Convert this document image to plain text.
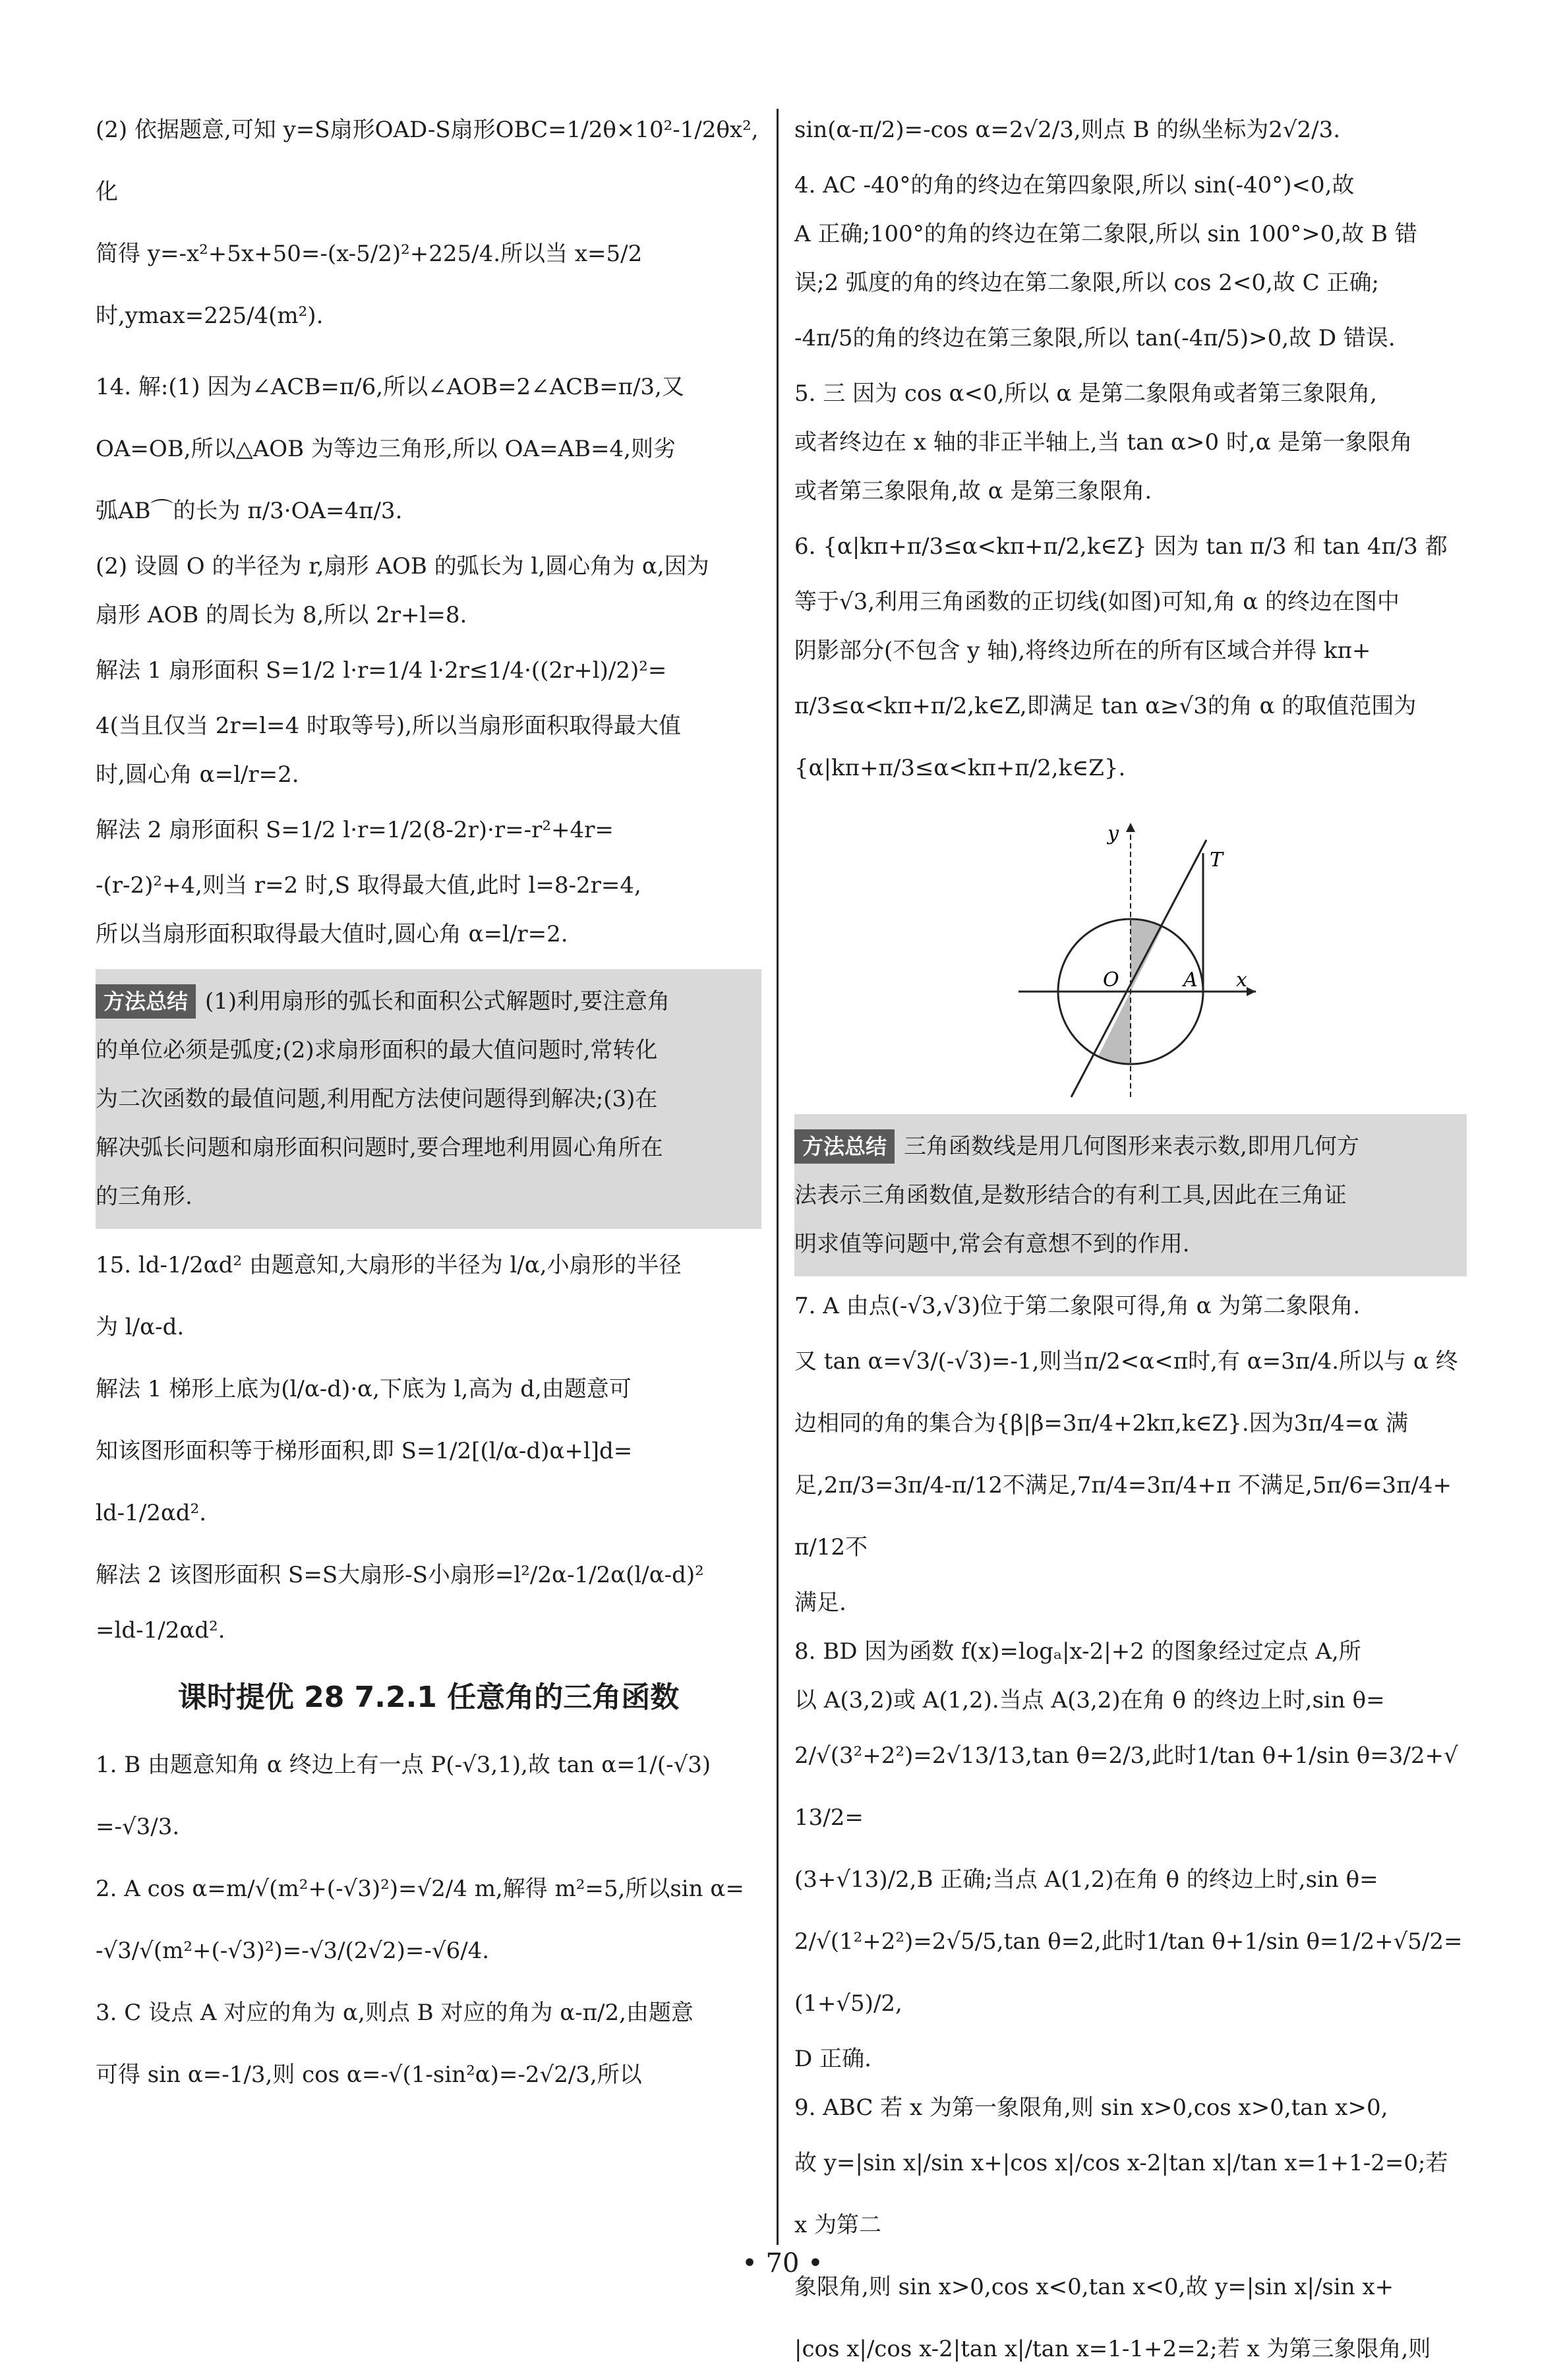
(2) 依据题意,可知 y=S扇形OAD-S扇形OBC=1/2θ×10²-1/2θx²,化

简得 y=-x²+5x+50=-(x-5/2)²+225/4.所以当 x=5/2

时,ymax=225/4(m²).

14. 解:(1) 因为∠ACB=π/6,所以∠AOB=2∠ACB=π/3,又

OA=OB,所以△AOB 为等边三角形,所以 OA=AB=4,则劣

弧AB⌒的长为 π/3·OA=4π/3.

(2) 设圆 O 的半径为 r,扇形 AOB 的弧长为 l,圆心角为 α,因为

扇形 AOB 的周长为 8,所以 2r+l=8.

解法 1 扇形面积 S=1/2 l·r=1/4 l·2r≤1/4·((2r+l)/2)²=

4(当且仅当 2r=l=4 时取等号),所以当扇形面积取得最大值

时,圆心角 α=l/r=2.

解法 2 扇形面积 S=1/2 l·r=1/2(8-2r)·r=-r²+4r=

-(r-2)²+4,则当 r=2 时,S 取得最大值,此时 l=8-2r=4,

所以当扇形面积取得最大值时,圆心角 α=l/r=2.

方法总结 (1)利用扇形的弧长和面积公式解题时,要注意角

的单位必须是弧度;(2)求扇形面积的最大值问题时,常转化

为二次函数的最值问题,利用配方法使问题得到解决;(3)在

解决弧长问题和扇形面积问题时,要合理地利用圆心角所在

的三角形.

15. ld-1/2αd² 由题意知,大扇形的半径为 l/α,小扇形的半径

为 l/α-d.

解法 1 梯形上底为(l/α-d)·α,下底为 l,高为 d,由题意可

知该图形面积等于梯形面积,即 S=1/2[(l/α-d)α+l]d=

ld-1/2αd².

解法 2 该图形面积 S=S大扇形-S小扇形=l²/2α-1/2α(l/α-d)²

=ld-1/2αd².

课时提优 28 7.2.1 任意角的三角函数

1. B 由题意知角 α 终边上有一点 P(-√3,1),故 tan α=1/(-√3)

=-√3/3.

2. A cos α=m/√(m²+(-√3)²)=√2/4 m,解得 m²=5,所以sin α=

-√3/√(m²+(-√3)²)=-√3/(2√2)=-√6/4.

3. C 设点 A 对应的角为 α,则点 B 对应的角为 α-π/2,由题意

可得 sin α=-1/3,则 cos α=-√(1-sin²α)=-2√2/3,所以

sin(α-π/2)=-cos α=2√2/3,则点 B 的纵坐标为2√2/3.

4. AC -40°的角的终边在第四象限,所以 sin(-40°)<0,故

A 正确;100°的角的终边在第二象限,所以 sin 100°>0,故 B 错

误;2 弧度的角的终边在第二象限,所以 cos 2<0,故 C 正确;

-4π/5的角的终边在第三象限,所以 tan(-4π/5)>0,故 D 错误.

5. 三 因为 cos α<0,所以 α 是第二象限角或者第三象限角,

或者终边在 x 轴的非正半轴上,当 tan α>0 时,α 是第一象限角

或者第三象限角,故 α 是第三象限角.

6. {α|kπ+π/3≤α<kπ+π/2,k∈Z} 因为 tan π/3 和 tan 4π/3 都

等于√3,利用三角函数的正切线(如图)可知,角 α 的终边在图中

阴影部分(不包含 y 轴),将终边所在的所有区域合并得 kπ+

π/3≤α<kπ+π/2,k∈Z,即满足 tan α≥√3的角 α 的取值范围为

{α|kπ+π/3≤α<kπ+π/2,k∈Z}.

y
x
T
O	A

方法总结 三角函数线是用几何图形来表示数,即用几何方

法表示三角函数值,是数形结合的有利工具,因此在三角证

明求值等问题中,常会有意想不到的作用.

7. A 由点(-√3,√3)位于第二象限可得,角 α 为第二象限角.

又 tan α=√3/(-√3)=-1,则当π/2<α<π时,有 α=3π/4.所以与 α 终

边相同的角的集合为{β|β=3π/4+2kπ,k∈Z}.因为3π/4=α 满

足,2π/3=3π/4-π/12不满足,7π/4=3π/4+π 不满足,5π/6=3π/4+π/12不

满足.

8. BD 因为函数 f(x)=logₐ|x-2|+2 的图象经过定点 A,所

以 A(3,2)或 A(1,2).当点 A(3,2)在角 θ 的终边上时,sin θ=

2/√(3²+2²)=2√13/13,tan θ=2/3,此时1/tan θ+1/sin θ=3/2+√13/2=

(3+√13)/2,B 正确;当点 A(1,2)在角 θ 的终边上时,sin θ=

2/√(1²+2²)=2√5/5,tan θ=2,此时1/tan θ+1/sin θ=1/2+√5/2=(1+√5)/2,

D 正确.

9. ABC 若 x 为第一象限角,则 sin x>0,cos x>0,tan x>0,

故 y=|sin x|/sin x+|cos x|/cos x-2|tan x|/tan x=1+1-2=0;若 x 为第二

象限角,则 sin x>0,cos x<0,tan x<0,故 y=|sin x|/sin x+

|cos x|/cos x-2|tan x|/tan x=1-1+2=2;若 x 为第三象限角,则

• 70 •
